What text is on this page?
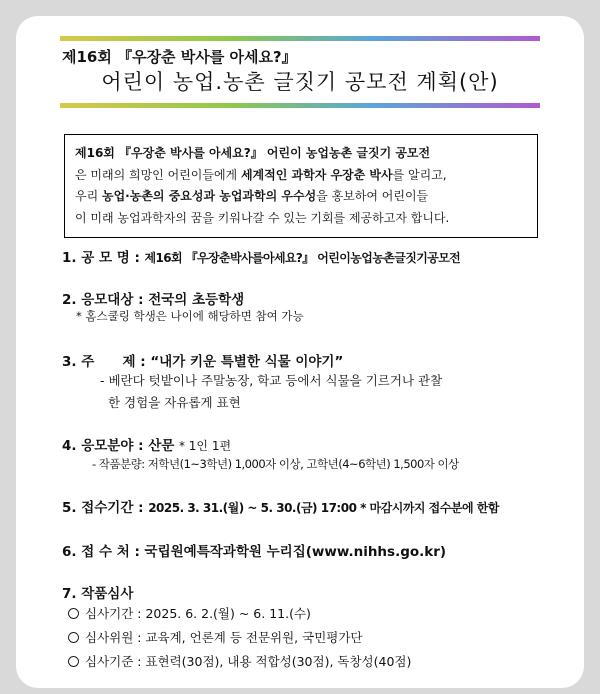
제16회 『우장춘 박사를 아세요?』
어린이 농업.농촌 글짓기 공모전 계획(안)
제16회 『우장춘 박사를 아세요?』 어린이 농업농촌 글짓기 공모전
은 미래의 희망인 어린이들에게 세계적인 과학자 우장춘 박사를 알리고,
우리 농업·농촌의 중요성과 농업과학의 우수성을 홍보하여 어린이들
이 미래 농업과학자의 꿈을 키워나갈 수 있는 기회를 제공하고자 합니다.
1. 공 모 명 : 제16회 『우장춘박사를아세요?』 어린이농업농촌글짓기공모전
2. 응모대상 : 전국의 초등학생
* 홈스쿨링 학생은 나이에 해당하면 참여 가능
3. 주      제 : “내가 키운 특별한 식물 이야기”
- 베란다 텃밭이나 주말농장, 학교 등에서 식물을 기르거나 관찰
한 경험을 자유롭게 표현
4. 응모분야 : 산문 * 1인 1편
- 작품분량: 저학년(1~3학년) 1,000자 이상, 고학년(4~6학년) 1,500자 이상
5. 접수기간 : 2025. 3. 31.(월) ~ 5. 30.(금) 17:00 * 마감시까지 접수분에 한함
6. 접 수 처 : 국립원예특작과학원 누리집(www.nihhs.go.kr)
7. 작품심사
심사기간 : 2025. 6. 2.(월) ~ 6. 11.(수)
심사위원 : 교육계, 언론계 등 전문위원, 국민평가단
심사기준 : 표현력(30점), 내용 적합성(30점), 독창성(40점)
